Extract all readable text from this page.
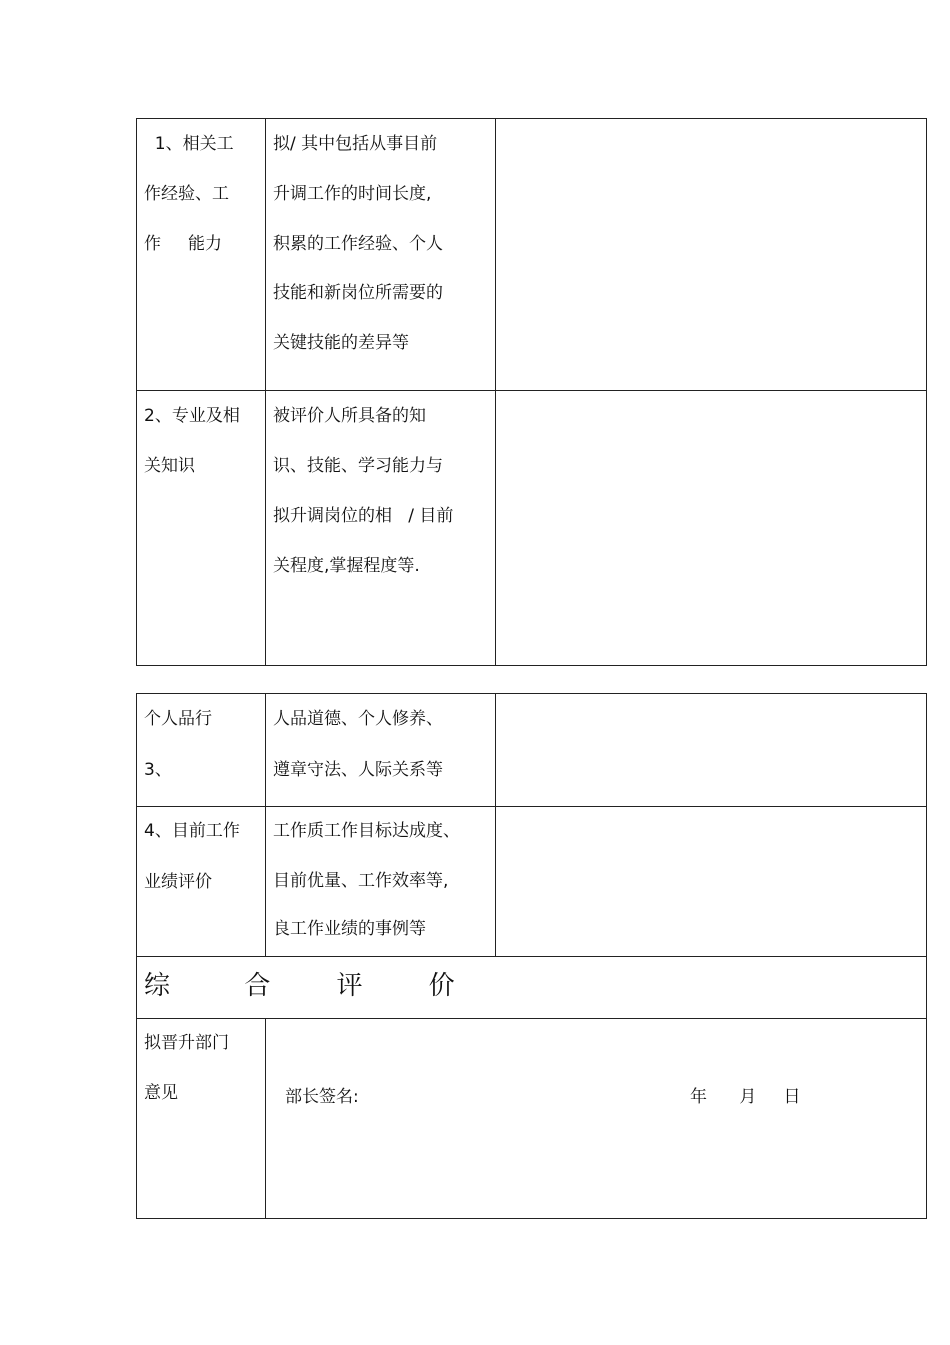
1、相关工
作经验、工
作     能力
拟/ 其中包括从事目前
升调工作的时间长度,
积累的工作经验、个人
技能和新岗位所需要的
关键技能的差异等
2、专业及相
关知识
被评价人所具备的知
识、技能、学习能力与
拟升调岗位的相   / 目前
关程度,掌握程度等.
个人品行
3、
人品道德、个人修养、
遵章守法、人际关系等
4、目前工作
业绩评价
工作质工作目标达成度、
目前优量、工作效率等,
良工作业绩的事例等
综         合        评        价
拟晋升部门
意见	部长签名:	年      月     日
